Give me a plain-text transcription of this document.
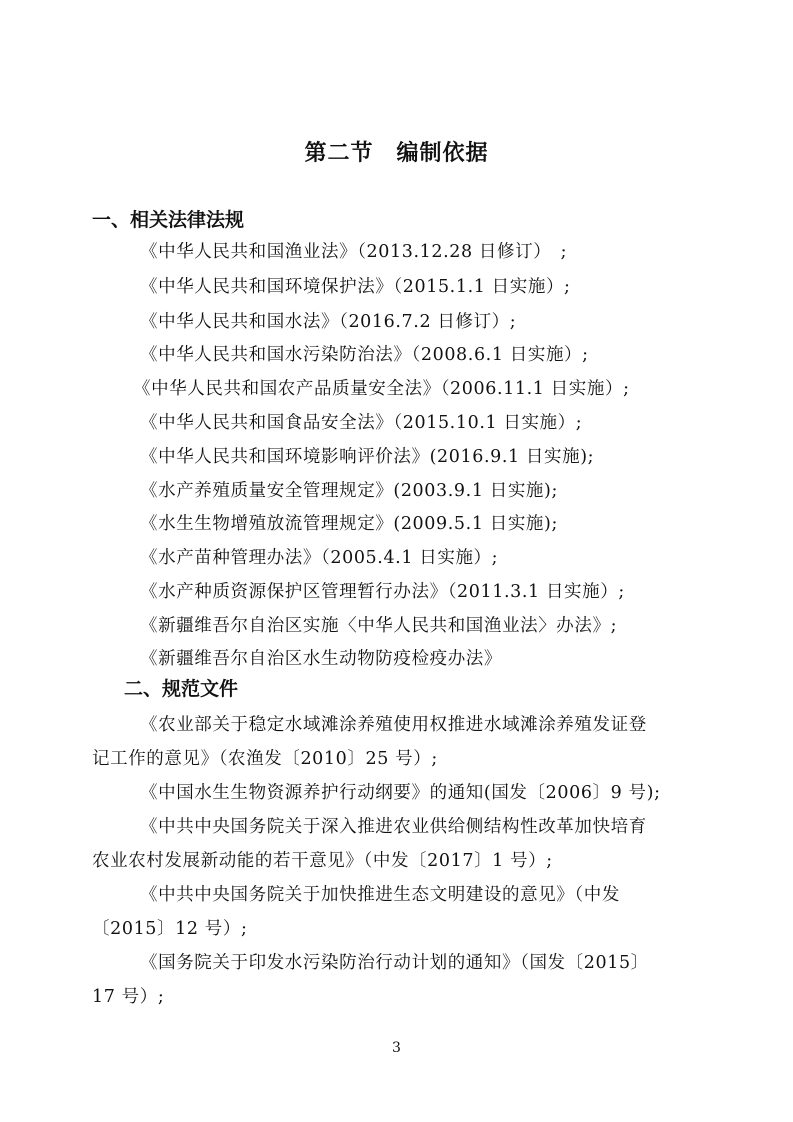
第二节　编制依据
一、相关法律法规
《中华人民共和国渔业法》（2013.12.28 日修订）　;
《中华人民共和国环境保护法》（2015.1.1 日实施）;
《中华人民共和国水法》（2016.7.2 日修订）;
《中华人民共和国水污染防治法》（2008.6.1 日实施）;
《中华人民共和国农产品质量安全法》（2006.11.1 日实施）;
《中华人民共和国食品安全法》（2015.10.1 日实施）;
《中华人民共和国环境影响评价法》(2016.9.1 日实施);
《水产养殖质量安全管理规定》(2003.9.1 日实施);
《水生生物增殖放流管理规定》(2009.5.1 日实施);
《水产苗种管理办法》（2005.4.1 日实施）;
《水产种质资源保护区管理暂行办法》（2011.3.1 日实施）;
《新疆维吾尔自治区实施〈中华人民共和国渔业法〉办法》;
《新疆维吾尔自治区水生动物防疫检疫办法》
二、规范文件
《农业部关于稳定水域滩涂养殖使用权推进水域滩涂养殖发证登
记工作的意见》（农渔发〔2010〕25 号）;
《中国水生生物资源养护行动纲要》的通知(国发〔2006〕9 号);
《中共中央国务院关于深入推进农业供给侧结构性改革加快培育
农业农村发展新动能的若干意见》（中发〔2017〕1 号）;
《中共中央国务院关于加快推进生态文明建设的意见》（中发
〔2015〕12 号）;
《国务院关于印发水污染防治行动计划的通知》（国发〔2015〕
17 号）;
3
